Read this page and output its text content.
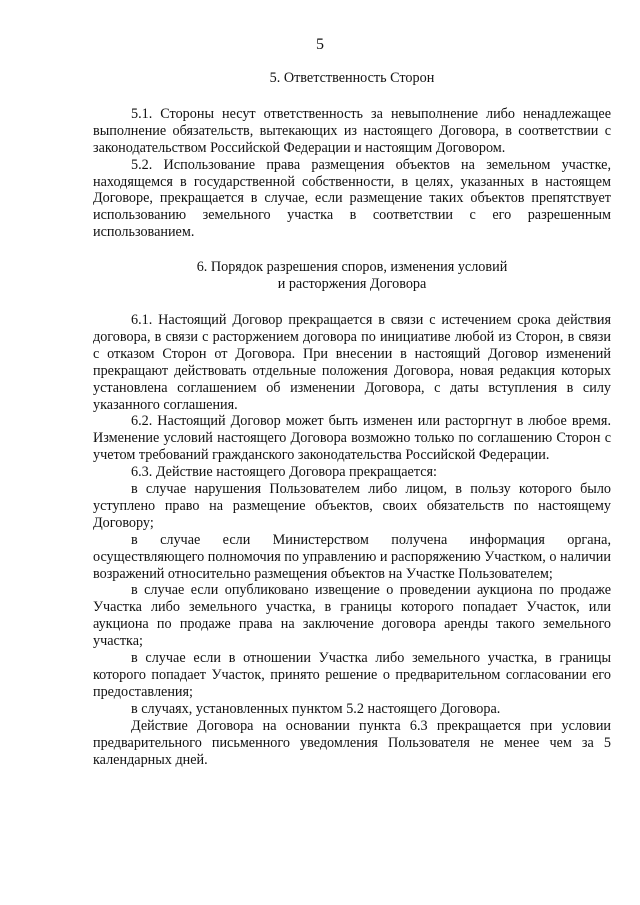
5

5. Ответственность Сторон

5.1. Стороны несут ответственность за невыполнение либо ненадлежащее выполнение обязательств, вытекающих из настоящего Договора, в соответствии с законодательством Российской Федерации и настоящим Договором.

5.2. Использование права размещения объектов на земельном участке, находящемся в государственной собственности, в целях, указанных в настоящем Договоре, прекращается в случае, если размещение таких объектов препятствует использованию земельного участка в соответствии с его разрешенным использованием.

6. Порядок разрешения споров, изменения условий
и расторжения Договора

6.1. Настоящий Договор прекращается в связи с истечением срока действия договора, в связи с расторжением договора по инициативе любой из Сторон, в связи с отказом Сторон от Договора. При внесении в настоящий Договор изменений прекращают действовать отдельные положения Договора, новая редакция которых установлена соглашением об изменении Договора, с даты вступления в силу указанного соглашения.

6.2. Настоящий Договор может быть изменен или расторгнут в любое время. Изменение условий настоящего Договора возможно только по соглашению Сторон с учетом требований гражданского законодательства Российской Федерации.

6.3. Действие настоящего Договора прекращается:

в случае нарушения Пользователем либо лицом, в пользу которого было уступлено право на размещение объектов, своих обязательств по настоящему Договору;

в случае если Министерством получена информация органа, осуществляющего полномочия по управлению и распоряжению Участком, о наличии возражений относительно размещения объектов на Участке Пользователем;

в случае если опубликовано извещение о проведении аукциона по продаже Участка либо земельного участка, в границы которого попадает Участок, или аукциона по продаже права на заключение договора аренды такого земельного участка;

в случае если в отношении Участка либо земельного участка, в границы которого попадает Участок, принято решение о предварительном согласовании его предоставления;

в случаях, установленных пунктом 5.2 настоящего Договора.

Действие Договора на основании пункта 6.3 прекращается при условии предварительного письменного уведомления Пользователя не менее чем за 5 календарных дней.
